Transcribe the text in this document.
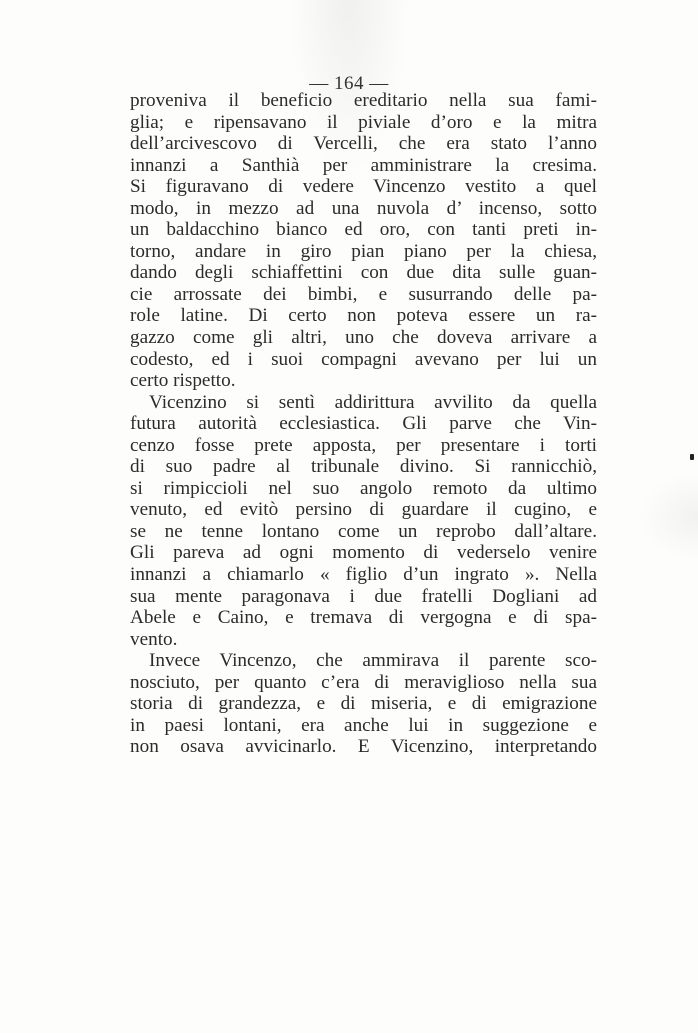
— 164 —
proveniva il beneficio ereditario nella sua fami-
glia; e ripensavano il piviale d’oro e la mitra
dell’arcivescovo di Vercelli, che era stato l’anno
innanzi a Santhià per amministrare la cresima.
Si figuravano di vedere Vincenzo vestito a quel
modo, in mezzo ad una nuvola d’ incenso, sotto
un baldacchino bianco ed oro, con tanti preti in-
torno, andare in giro pian piano per la chiesa,
dando degli schiaffettini con due dita sulle guan-
cie arrossate dei bimbi, e susurrando delle pa-
role latine. Di certo non poteva essere un ra-
gazzo come gli altri, uno che doveva arrivare a
codesto, ed i suoi compagni avevano per lui un
certo rispetto.
Vicenzino si sentì addirittura avvilito da quella
futura autorità ecclesiastica. Gli parve che Vin-
cenzo fosse prete apposta, per presentare i torti
di suo padre al tribunale divino. Si rannicchiò,
si rimpiccioli nel suo angolo remoto da ultimo
venuto, ed evitò persino di guardare il cugino, e
se ne tenne lontano come un reprobo dall’altare.
Gli pareva ad ogni momento di vederselo venire
innanzi a chiamarlo « figlio d’un ingrato ». Nella
sua mente paragonava i due fratelli Dogliani ad
Abele e Caino, e tremava di vergogna e di spa-
vento.
Invece Vincenzo, che ammirava il parente sco-
nosciuto, per quanto c’era di meraviglioso nella sua
storia di grandezza, e di miseria, e di emigrazione
in paesi lontani, era anche lui in suggezione e
non osava avvicinarlo. E Vicenzino, interpretando
